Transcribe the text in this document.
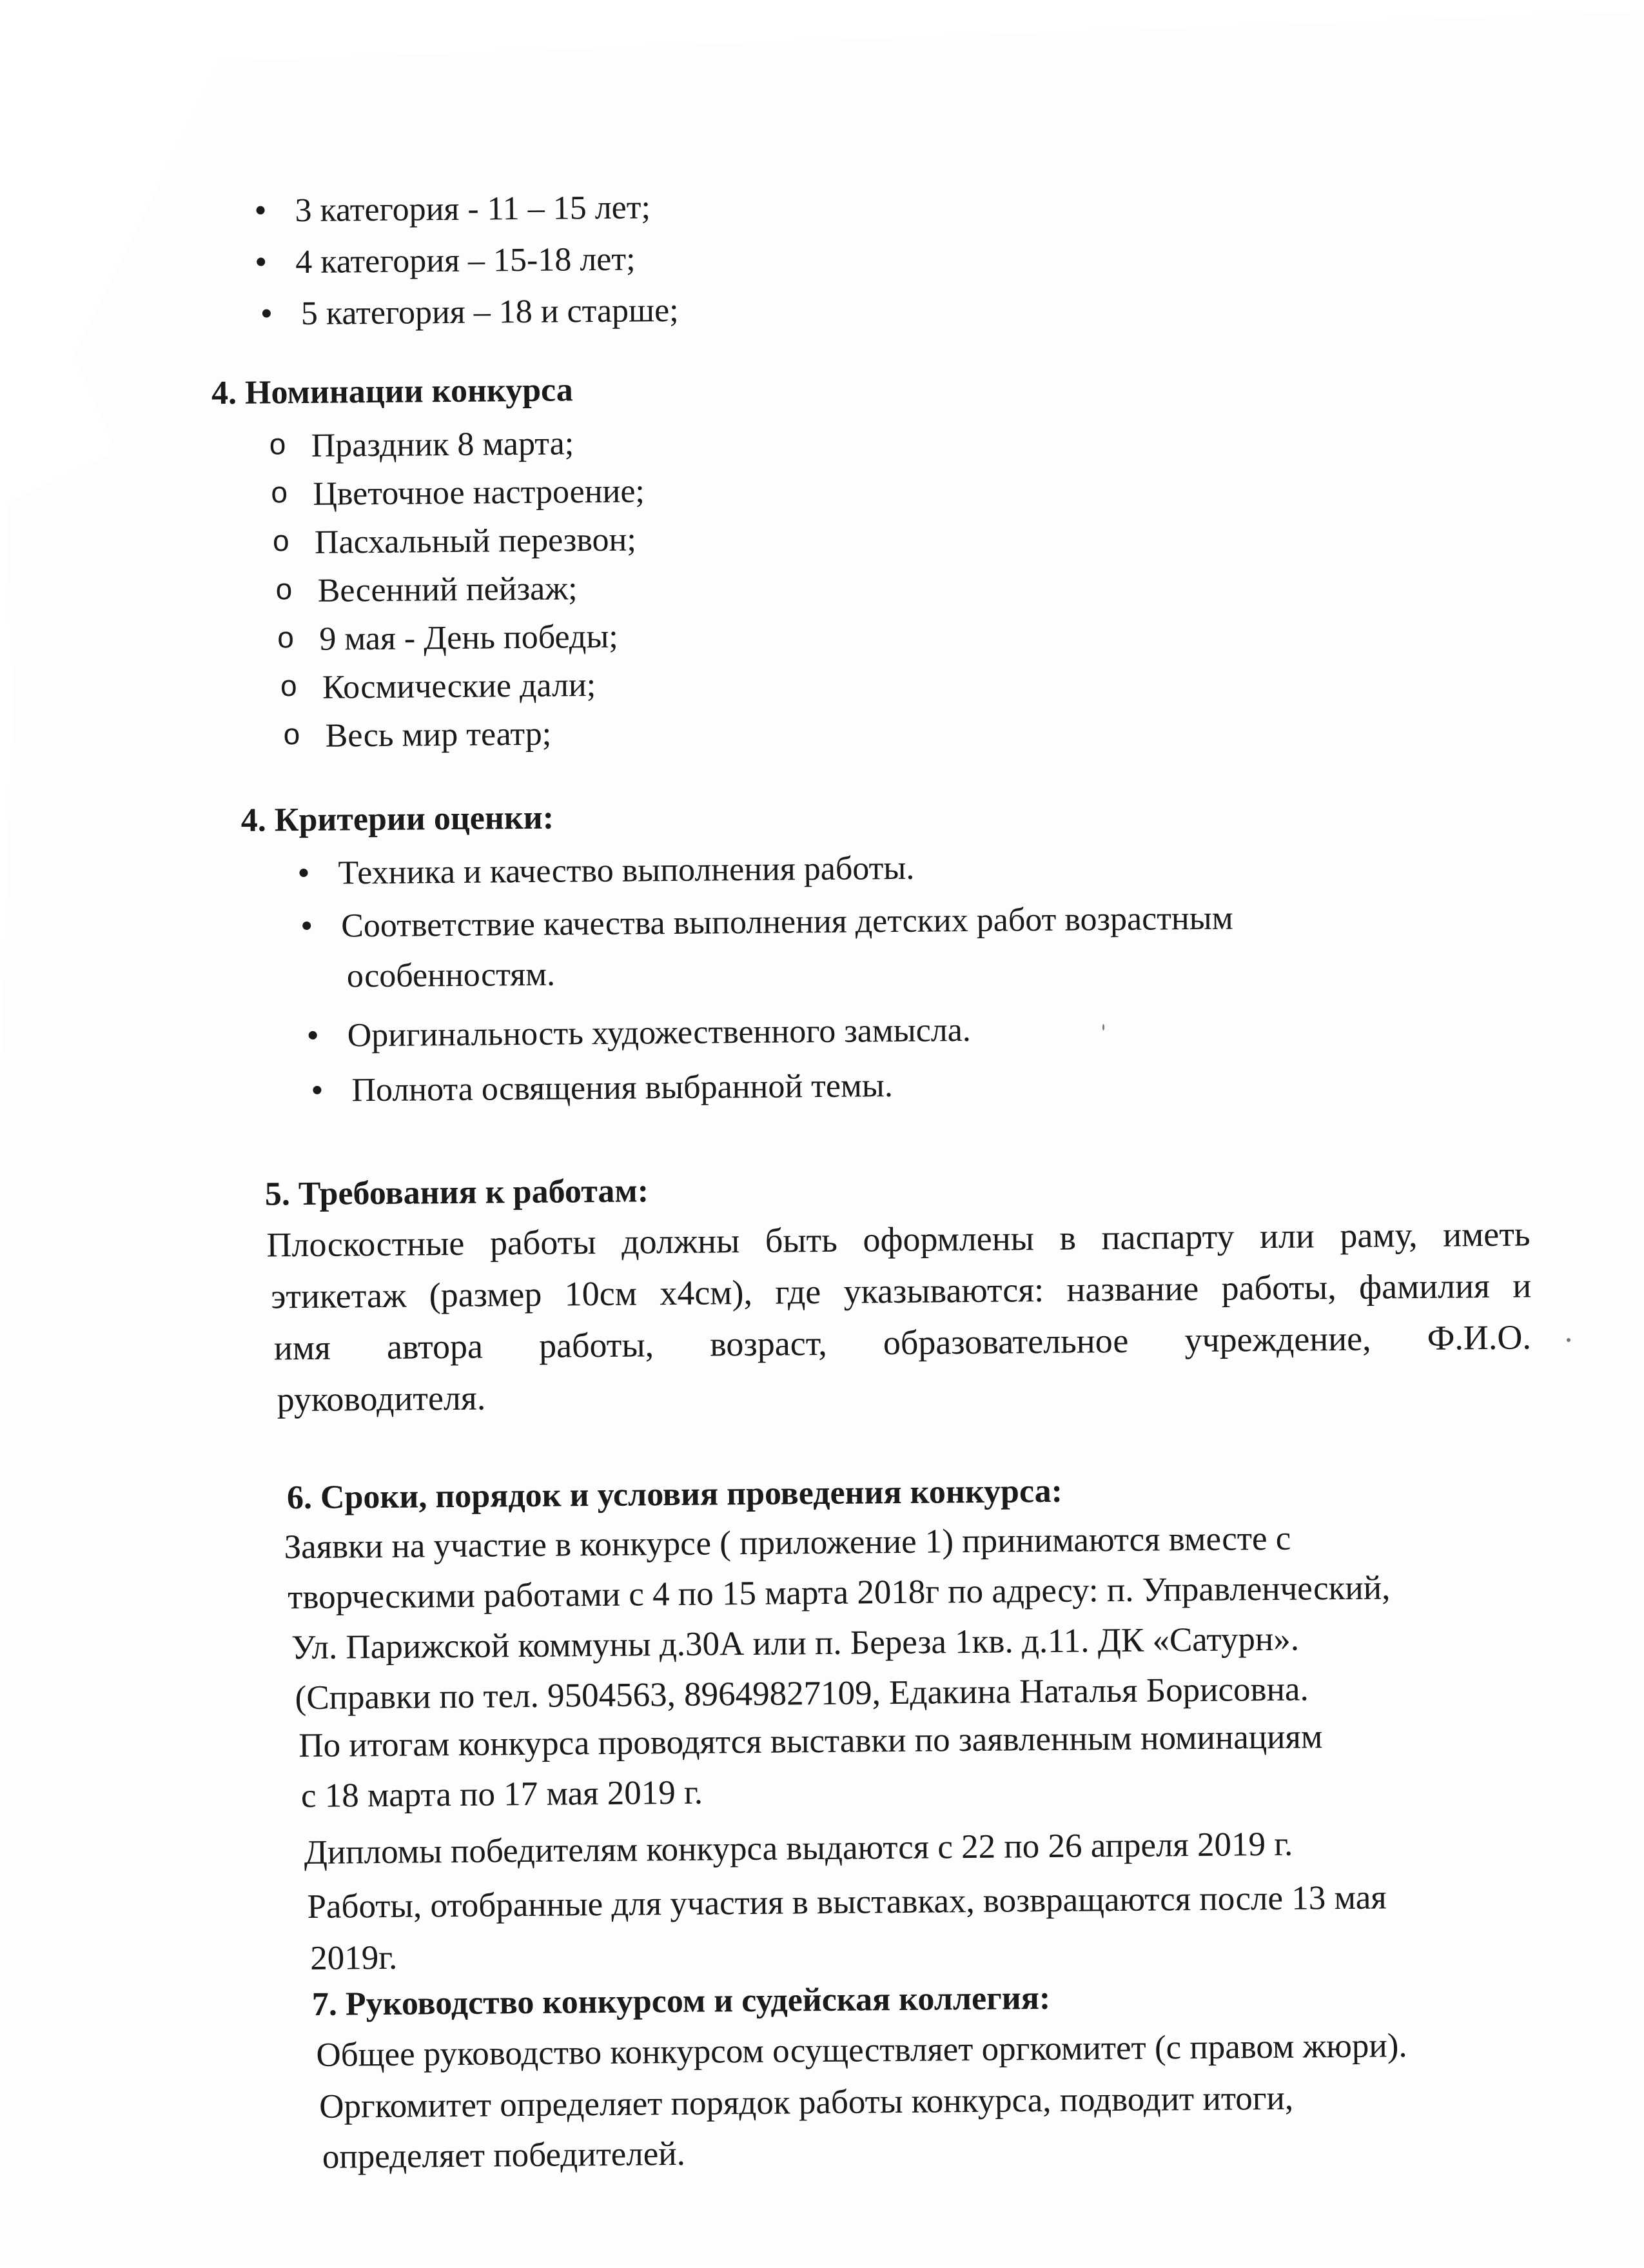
3 категория - 11 – 15 лет;
4 категория – 15-18 лет;
5 категория – 18 и старше;
4. Номинации конкурса
o Праздник 8 марта;
o Цветочное настроение;
o Пасхальный перезвон;
o Весенний пейзаж;
o 9 мая - День победы;
o Космические дали;
o Весь мир театр;
4. Критерии оценки:
Техника и качество выполнения работы.
Соответствие качества выполнения детских работ возрастным
особенностям.
Оригинальность художественного замысла.
Полнота освящения выбранной темы.
5. Требования к работам:
Плоскостные работы должны быть оформлены в паспарту или раму, иметь
этикетаж (размер 10см х4см), где указываются: название работы, фамилия и
имя автора работы, возраст, образовательное учреждение, Ф.И.О.
руководителя.
6. Сроки, порядок и условия проведения конкурса:
Заявки на участие в конкурсе ( приложение 1) принимаются вместе с
творческими работами с 4 по 15 марта 2018г по адресу: п. Управленческий,
Ул. Парижской коммуны д.30А или п. Береза 1кв. д.11. ДК «Сатурн».
(Справки по тел. 9504563, 89649827109, Едакина Наталья Борисовна.
По итогам конкурса проводятся выставки по заявленным номинациям
с 18 марта по 17 мая 2019 г.
Дипломы победителям конкурса выдаются с 22 по 26 апреля 2019 г.
Работы, отобранные для участия в выставках, возвращаются после 13 мая
2019г.
7. Руководство конкурсом и судейская коллегия:
Общее руководство конкурсом осуществляет оргкомитет (с правом жюри).
Оргкомитет определяет порядок работы конкурса, подводит итоги,
определяет победителей.
